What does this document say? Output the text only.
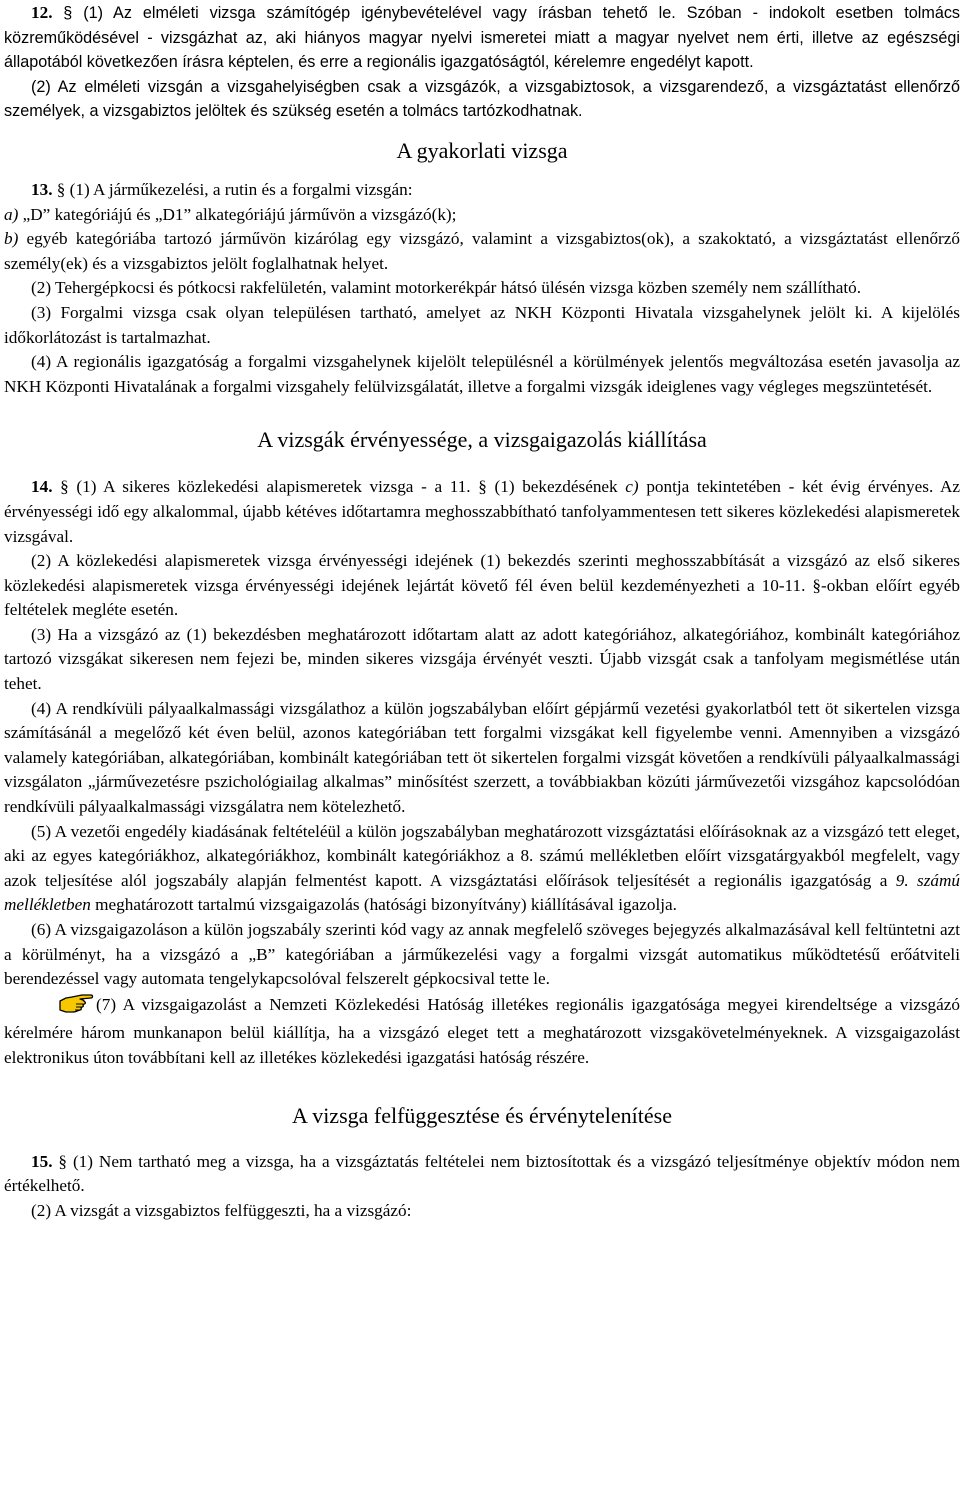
12. § (1) Az elméleti vizsga számítógép igénybevételével vagy írásban tehető le. Szóban - indokolt esetben tolmács közreműködésével - vizsgázhat az, aki hiányos magyar nyelvi ismeretei miatt a magyar nyelvet nem érti, illetve az egészségi állapotából következően írásra képtelen, és erre a regionális igazgatóságtól, kérelemre engedélyt kapott.

(2) Az elméleti vizsgán a vizsgahelyiségben csak a vizsgázók, a vizsgabiztosok, a vizsgarendező, a vizsgáztatást ellenőrző személyek, a vizsgabiztos jelöltek és szükség esetén a tolmács tartózkodhatnak.

A gyakorlati vizsga

13. § (1) A járműkezelési, a rutin és a forgalmi vizsgán:

a) „D” kategóriájú és „D1” alkategóriájú járművön a vizsgázó(k);

b) egyéb kategóriába tartozó járművön kizárólag egy vizsgázó, valamint a vizsgabiztos(ok), a szakoktató, a vizsgáztatást ellenőrző személy(ek) és a vizsgabiztos jelölt foglalhatnak helyet.

(2) Tehergépkocsi és pótkocsi rakfelületén, valamint motorkerékpár hátsó ülésén vizsga közben személy nem szállítható.

(3) Forgalmi vizsga csak olyan településen tartható, amelyet az NKH Központi Hivatala vizsgahelynek jelölt ki. A kijelölés időkorlátozást is tartalmazhat.

(4) A regionális igazgatóság a forgalmi vizsgahelynek kijelölt településnél a körülmények jelentős megváltozása esetén javasolja az NKH Központi Hivatalának a forgalmi vizsgahely felülvizsgálatát, illetve a forgalmi vizsgák ideiglenes vagy végleges megszüntetését.

A vizsgák érvényessége, a vizsgaigazolás kiállítása

14. § (1) A sikeres közlekedési alapismeretek vizsga - a 11. § (1) bekezdésének c) pontja tekintetében - két évig érvényes. Az érvényességi idő egy alkalommal, újabb kétéves időtartamra meghosszabbítható tanfolyammentesen tett sikeres közlekedési alapismeretek vizsgával.

(2) A közlekedési alapismeretek vizsga érvényességi idejének (1) bekezdés szerinti meghosszabbítását a vizsgázó az első sikeres közlekedési alapismeretek vizsga érvényességi idejének lejártát követő fél éven belül kezdeményezheti a 10-11. §-okban előírt egyéb feltételek megléte esetén.

(3) Ha a vizsgázó az (1) bekezdésben meghatározott időtartam alatt az adott kategóriához, alkategóriához, kombinált kategóriához tartozó vizsgákat sikeresen nem fejezi be, minden sikeres vizsgája érvényét veszti. Újabb vizsgát csak a tanfolyam megismétlése után tehet.

(4) A rendkívüli pályaalkalmassági vizsgálathoz a külön jogszabályban előírt gépjármű vezetési gyakorlatból tett öt sikertelen vizsga számításánál a megelőző két éven belül, azonos kategóriában tett forgalmi vizsgákat kell figyelembe venni. Amennyiben a vizsgázó valamely kategóriában, alkategóriában, kombinált kategóriában tett öt sikertelen forgalmi vizsgát követően a rendkívüli pályaalkalmassági vizsgálaton „járművezetésre pszichológiailag alkalmas” minősítést szerzett, a továbbiakban közúti járművezetői vizsgához kapcsolódóan rendkívüli pályaalkalmassági vizsgálatra nem kötelezhető.

(5) A vezetői engedély kiadásának feltételéül a külön jogszabályban meghatározott vizsgáztatási előírásoknak az a vizsgázó tett eleget, aki az egyes kategóriákhoz, alkategóriákhoz, kombinált kategóriákhoz a 8. számú mellékletben előírt vizsgatárgyakból megfelelt, vagy azok teljesítése alól jogszabály alapján felmentést kapott. A vizsgáztatási előírások teljesítését a regionális igazgatóság a 9. számú mellékletben meghatározott tartalmú vizsgaigazolás (hatósági bizonyítvány) kiállításával igazolja.

(6) A vizsgaigazoláson a külön jogszabály szerinti kód vagy az annak megfelelő szöveges bejegyzés alkalmazásával kell feltüntetni azt a körülményt, ha a vizsgázó a „B” kategóriában a járműkezelési vagy a forgalmi vizsgát automatikus működtetésű erőátviteli berendezéssel vagy automata tengelykapcsolóval felszerelt gépkocsival tette le.

(7) A vizsgaigazolást a Nemzeti Közlekedési Hatóság illetékes regionális igazgatósága megyei kirendeltsége a vizsgázó kérelmére három munkanapon belül kiállítja, ha a vizsgázó eleget tett a meghatározott vizsgakövetelményeknek. A vizsgaigazolást elektronikus úton továbbítani kell az illetékes közlekedési igazgatási hatóság részére.

A vizsga felfüggesztése és érvénytelenítése

15. § (1) Nem tartható meg a vizsga, ha a vizsgáztatás feltételei nem biztosítottak és a vizsgázó teljesítménye objektív módon nem értékelhető.

(2) A vizsgát a vizsgabiztos felfüggeszti, ha a vizsgázó:
